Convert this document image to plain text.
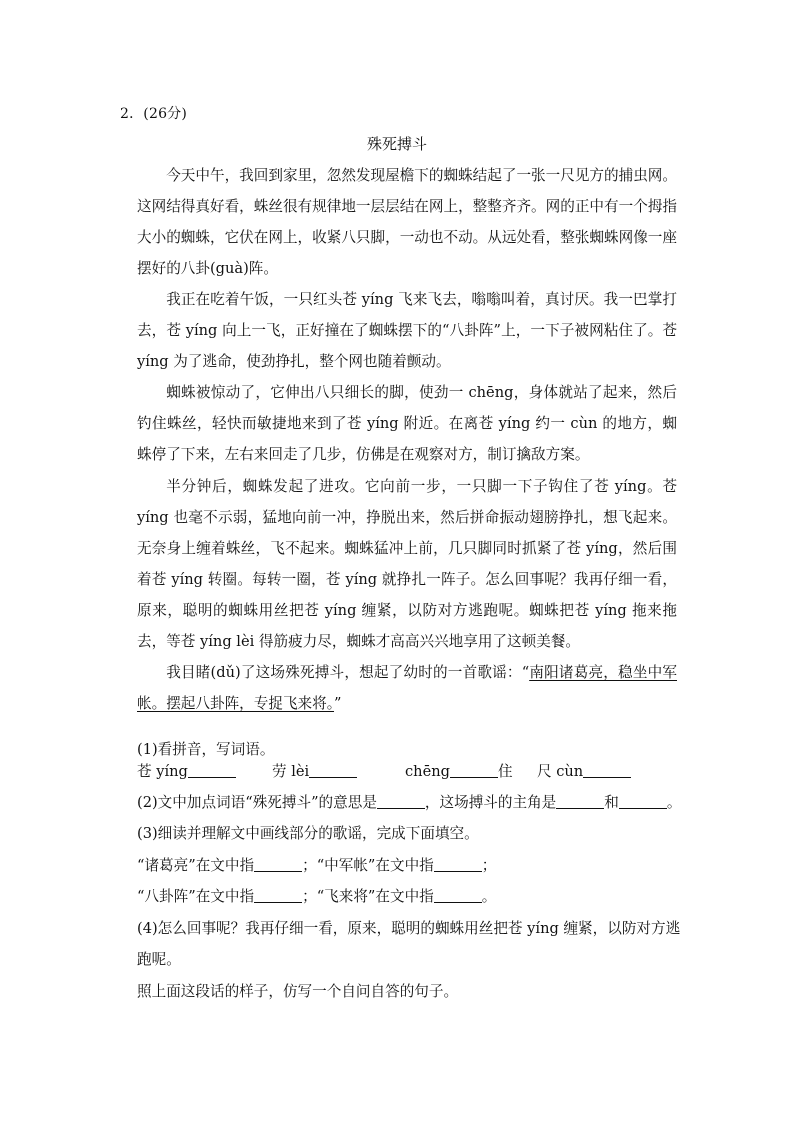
2．(26分)
殊死搏斗

今天中午，我回到家里，忽然发现屋檐下的蜘蛛结起了一张一尺见方的捕虫网。这网结得真好看，蛛丝很有规律地一层层结在网上，整整齐齐。网的正中有一个拇指大小的蜘蛛，它伏在网上，收紧八只脚，一动也不动。从远处看，整张蜘蛛网像一座摆好的八卦(guà)阵。

我正在吃着午饭，一只红头苍 yíng 飞来飞去，嗡嗡叫着，真讨厌。我一巴掌打去，苍 yíng 向上一飞，正好撞在了蜘蛛摆下的“八卦阵”上，一下子被网粘住了。苍 yíng 为了逃命，使劲挣扎，整个网也随着颤动。

蜘蛛被惊动了，它伸出八只细长的脚，使劲一 chēng，身体就站了起来，然后钓住蛛丝，轻快而敏捷地来到了苍 yíng 附近。在离苍 yíng 约一 cùn 的地方，蜘蛛停了下来，左右来回走了几步，仿佛是在观察对方，制订擒敌方案。

半分钟后，蜘蛛发起了进攻。它向前一步，一只脚一下子钩住了苍 yíng。苍 yíng 也毫不示弱，猛地向前一冲，挣脱出来，然后拼命振动翅膀挣扎，想飞起来。无奈身上缠着蛛丝，飞不起来。蜘蛛猛冲上前，几只脚同时抓紧了苍 yíng，然后围着苍 yíng 转圈。每转一圈，苍 yíng 就挣扎一阵子。怎么回事呢？我再仔细一看，原来，聪明的蜘蛛用丝把苍 yíng 缠紧，以防对方逃跑呢。蜘蛛把苍 yíng 拖来拖去，等苍 yíng lèi 得筋疲力尽，蜘蛛才高高兴兴地享用了这顿美餐。

我目睹(dǔ)了这场殊死搏斗，想起了幼时的一首歌谣：“南阳诸葛亮，稳坐中军帐。摆起八卦阵，专捉飞来将。”

(1)看拼音，写词语。

苍 yíng	劳 lèi	chēng	住 尺 cùn

(2)文中加点词语“殊死搏斗”的意思是	，这场搏斗的主角是	和	。

(3)细读并理解文中画线部分的歌谣，完成下面填空。

“诸葛亮”在文中指	；“中军帐”在文中指	；

“八卦阵”在文中指	；“飞来将”在文中指	。

(4)怎么回事呢？我再仔细一看，原来，聪明的蜘蛛用丝把苍 yíng 缠紧，以防对方逃跑呢。

照上面这段话的样子，仿写一个自问自答的句子。
